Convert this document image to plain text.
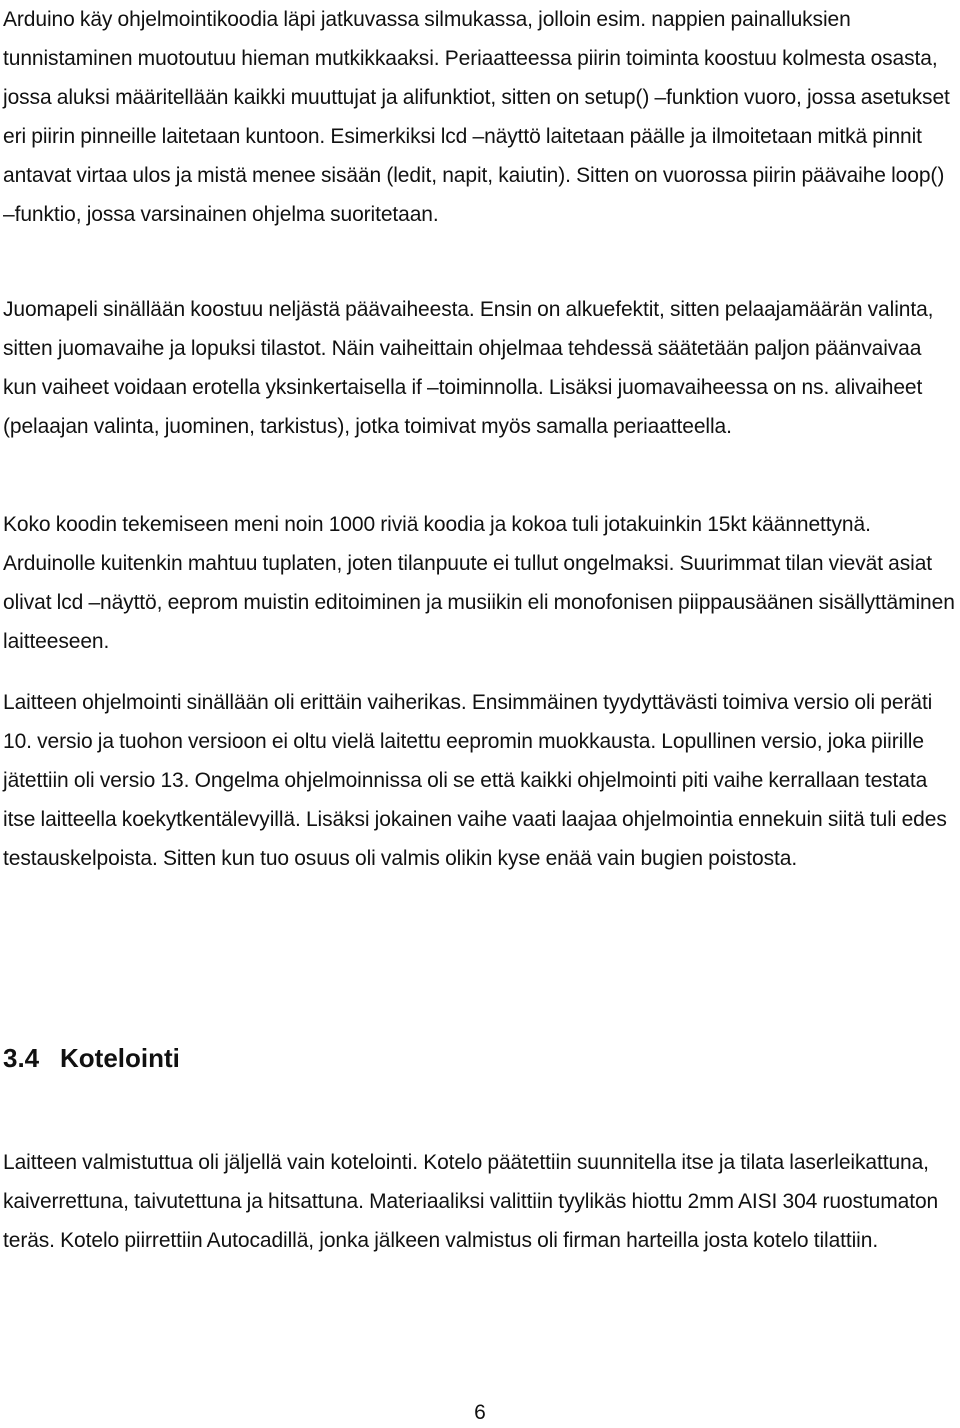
Arduino käy ohjelmointikoodia läpi jatkuvassa silmukassa, jolloin esim. nappien painalluksien tunnistaminen muotoutuu hieman mutkikkaaksi. Periaatteessa piirin toiminta koostuu kolmesta osasta, jossa aluksi määritellään kaikki muuttujat ja alifunktiot, sitten on setup() –funktion vuoro, jossa asetukset eri piirin pinneille laitetaan kuntoon. Esimerkiksi lcd –näyttö laitetaan päälle ja ilmoitetaan mitkä pinnit antavat virtaa ulos ja mistä menee sisään (ledit, napit, kaiutin). Sitten on vuorossa piirin päävaihe loop() –funktio, jossa varsinainen ohjelma suoritetaan.

Juomapeli sinällään koostuu neljästä päävaiheesta. Ensin on alkuefektit, sitten pelaajamäärän valinta, sitten juomavaihe ja lopuksi tilastot. Näin vaiheittain ohjelmaa tehdessä säätetään paljon päänvaivaa kun vaiheet voidaan erotella yksinkertaisella if –toiminnolla. Lisäksi juomavaiheessa on ns. alivaiheet (pelaajan valinta, juominen, tarkistus), jotka toimivat myös samalla periaatteella.

Koko koodin tekemiseen meni noin 1000 riviä koodia ja kokoa tuli jotakuinkin 15kt käännettynä. Arduinolle kuitenkin mahtuu tuplaten, joten tilanpuute ei tullut ongelmaksi. Suurimmat tilan vievät asiat olivat lcd –näyttö, eeprom muistin editoiminen ja musiikin eli monofonisen piippausäänen sisällyttäminen laitteeseen.

Laitteen ohjelmointi sinällään oli erittäin vaiherikas. Ensimmäinen tyydyttävästi toimiva versio oli peräti 10. versio ja tuohon versioon ei oltu vielä laitettu eepromin muokkausta. Lopullinen versio, joka piirille jätettiin oli versio 13. Ongelma ohjelmoinnissa oli se että kaikki ohjelmointi piti vaihe kerrallaan testata itse laitteella koekytkentälevyillä. Lisäksi jokainen vaihe vaati laajaa ohjelmointia ennekuin siitä tuli edes testauskelpoista. Sitten kun tuo osuus oli valmis olikin kyse enää vain bugien poistosta.

3.4 Kotelointi

Laitteen valmistuttua oli jäljellä vain kotelointi. Kotelo päätettiin suunnitella itse ja tilata laserleikattuna, kaiverrettuna, taivutettuna ja hitsattuna. Materiaaliksi valittiin tyylikäs hiottu 2mm AISI 304 ruostumaton teräs. Kotelo piirrettiin Autocadillä, jonka jälkeen valmistus oli firman harteilla josta kotelo tilattiin.

6
